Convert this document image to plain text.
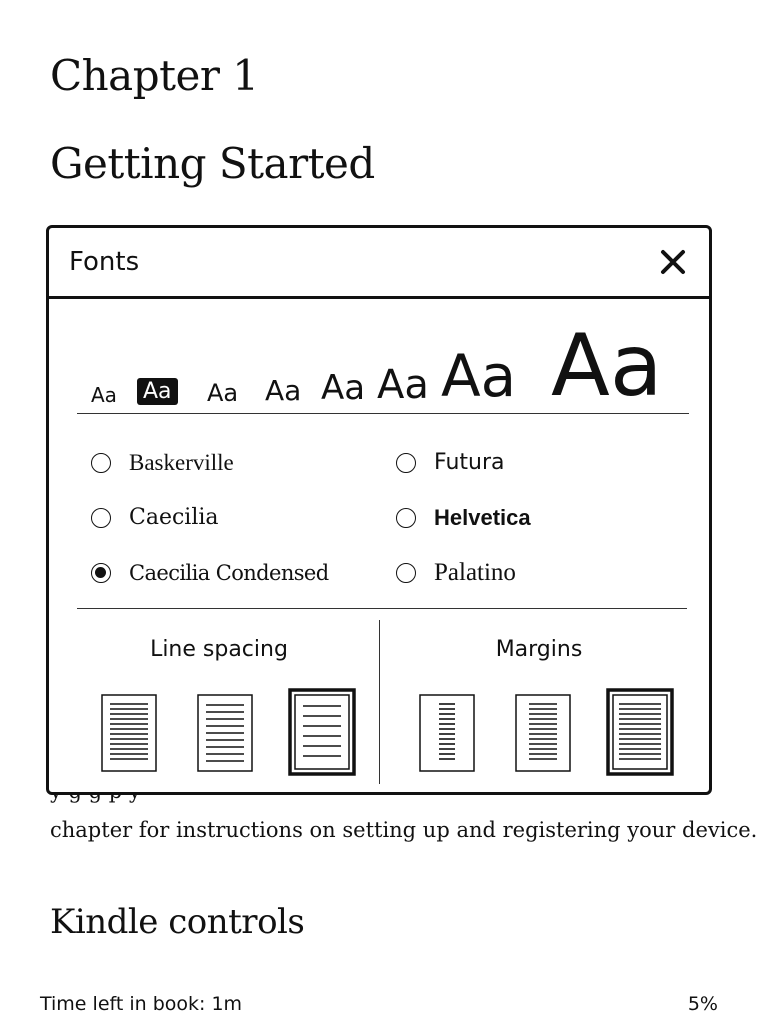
Chapter 1
Getting Started
chapter for instructions on setting up and registering your device.
Kindle controls
Fonts
Aa Aa Aa Aa Aa Aa Aa Aa
Baskerville	Futura
Caecilia	Helvetica
Caecilia Condensed	Palatino
Line spacing	Margins
Time left in book: 1m	5%
